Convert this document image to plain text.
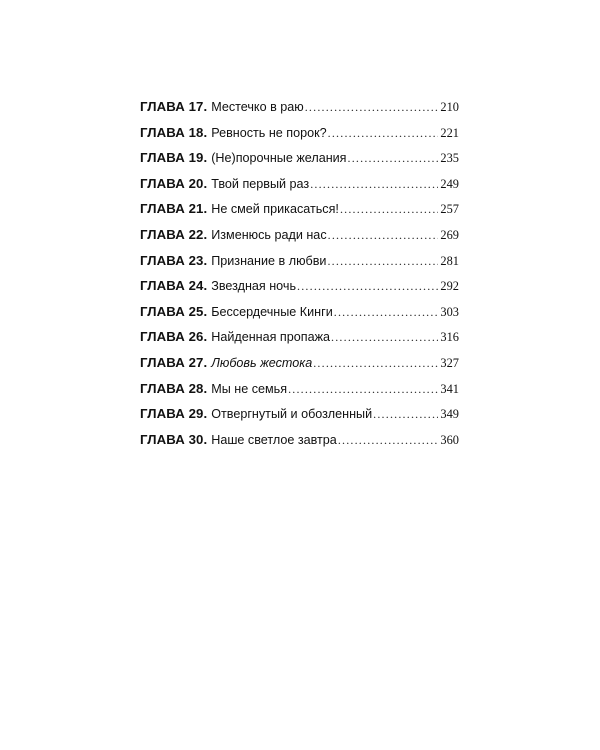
ГЛАВА 17. Местечко в раю .....	210
ГЛАВА 18. Ревность не порок? .....	221
ГЛАВА 19. (Не)порочные желания .....	235
ГЛАВА 20. Твой первый раз .....	249
ГЛАВА 21. Не смей прикасаться! .....	257
ГЛАВА 22. Изменюсь ради нас .....	269
ГЛАВА 23. Признание в любви .....	281
ГЛАВА 24. Звездная ночь .....	292
ГЛАВА 25. Бессердечные Кинги .....	303
ГЛАВА 26. Найденная пропажа .....	316
ГЛАВА 27. Любовь жестока .....	327
ГЛАВА 28. Мы не семья .....	341
ГЛАВА 29. Отвергнутый и обозленный .....	349
ГЛАВА 30. Наше светлое завтра .....	360
